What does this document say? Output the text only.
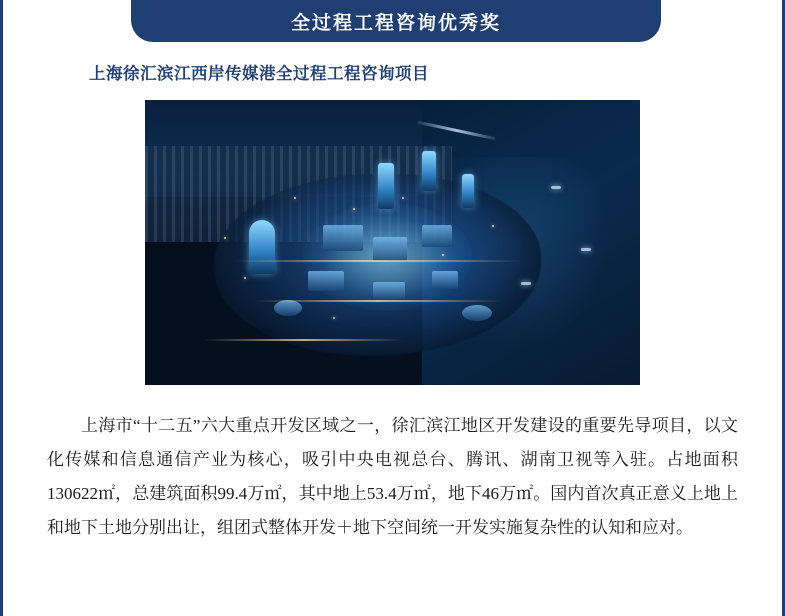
全过程工程咨询优秀奖
上海徐汇滨江西岸传媒港全过程工程咨询项目
上海市“十二五”六大重点开发区域之一，徐汇滨江地区开发建设的重要先导项目，以文化传媒和信息通信产业为核心，吸引中央电视总台、腾讯、湖南卫视等入驻。占地面积130622㎡，总建筑面积99.4万㎡，其中地上53.4万㎡，地下46万㎡。国内首次真正意义上地上和地下土地分别出让，组团式整体开发＋地下空间统一开发实施复杂性的认知和应对。
